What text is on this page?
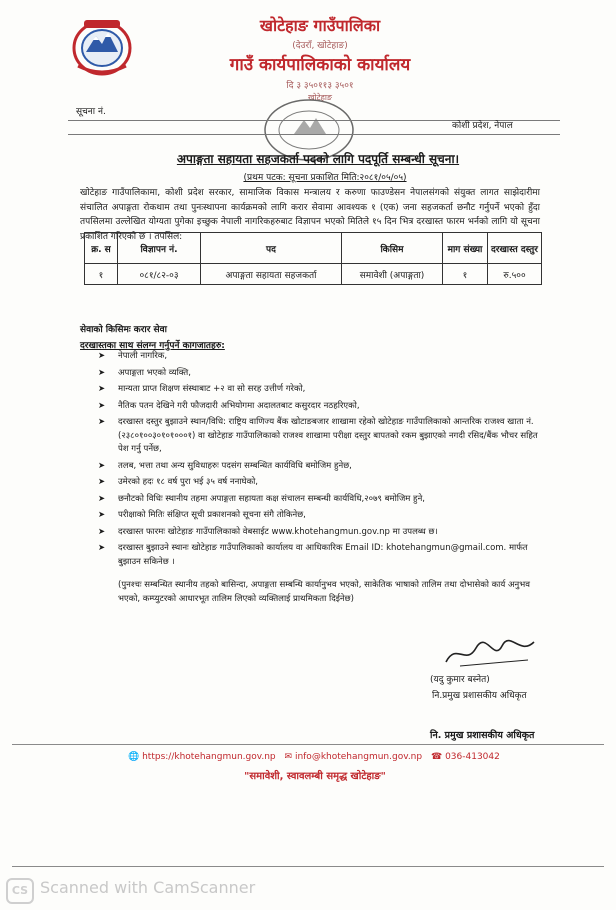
खोटेहाङ गाउँपालिका
(देउराँ, खोटेहाङ)
गाउँ कार्यपालिकाको कार्यालय
दि ३ ३५०११३ ३५०१
खोटेहाङ
सूचना नं.
कोशी प्रदेश, नेपाल
अपाङ्गता सहायता सहजकर्ता पदको लागि पदपूर्ति सम्बन्धी सूचना।
(प्रथम पटक: सूचना प्रकाशित मिति:२०८१/०५/०५)
खोटेहाङ गाउँपालिकामा, कोशी प्रदेश सरकार, सामाजिक विकास मन्त्रालय र करुणा फाउण्डेसन नेपालसंगको संयुक्त लागत साझेदारीमा संचालित अपाङ्गता रोकथाम तथा पुनःस्थापना कार्यक्रमको लागि करार सेवामा आवश्यक १ (एक) जना सहजकर्ता छनौट गर्नुपर्ने भएकाे हुँदा तपसिलमा उल्लेखित योग्यता पुगेका इच्छुक नेपाली नागरिकहरुबाट विज्ञापन भएको मितिले १५ दिन भित्र दरखास्त फारम भर्नको लागि यो सूचना प्रकाशित गरिएको छ । तपसिल:
क्र. स	विज्ञापन नं.	पद	किसिम	माग संख्या	दरखास्त दस्तुर
१	०८१/८२-०३	अपाङ्गता सहायता सहजकर्ता	समावेशी (अपाङ्गता)	१	रु.५००
सेवाको किसिमः करार सेवा
दरखास्तका साथ संलग्न गर्नुपर्ने कागजातहरु:
➤ नेपाली नागरिक,
➤ अपाङ्गता भएको व्यक्ति,
➤ मान्यता प्राप्त शिक्षण संस्थाबाट +२ वा सो सरह उत्तीर्ण गरेको,
➤ नैतिक पतन देखिने गरी फौजदारी अभियोगमा अदालतबाट कसुरदार नठहरिएको,
➤ दरखास्त दस्तुर बुझाउने स्थान/विधि: राष्ट्रिय वाणिज्य बैंक खोटाङबजार शाखामा रहेको खोटेहाङ गाउँपालिकाको आन्तरिक राजश्व खाता नं. (२३८०१००३०१०१०००१) वा खोटेहाङ गाउँपालिकाको राजश्व शाखामा परीक्षा दस्तुर बापतको रकम बुझाएको नगदी रसिद/बैंक भौचर सहित पेश गर्नु पर्नेछ,
➤ तलब, भत्ता तथा अन्य सुविधाहरुः पदसंग सम्बन्धित कार्यविधि बमोजिम हुनेछ,
➤ उमेरको हदः १८ वर्ष पुरा भई ३५ वर्ष ननाघेको,
➤ छनौटको विधिः स्थानीय तहमा अपाङ्गता सहायता कक्ष संचालन सम्बन्धी कार्यविधि,२०७९ बमोजिम हुने,
➤ परीक्षाको मितिः संक्षिप्त सूची प्रकाशनको सूचना संगै तोकिनेछ,
➤ दरखास्त फारमः खोटेहाङ गाउँपालिकाको वेबसाईट www.khotehangmun.gov.np मा उपलब्ध छ।
➤ दरखास्त बुझाउने स्थानः खोटेहाङ गाउँपालिकाको कार्यालय वा आधिकारिक Email ID: khotehangmun@gmail.com. मार्फत बुझाउन सकिनेछ ।
(पुनश्चः सम्बन्धित स्थानीय तहको बासिन्दा, अपाङ्गता सम्बन्धि कार्यानुभव भएको, साकेतिक भाषाको तालिम तथा दोभासेको कार्य अनुभव भएको, कम्प्युटरको आधारभूत तालिम लिएको व्यक्तिलाई प्राथमिकता दिईनेछ)
(यदु कुमार बस्नेत)
नि.प्रमुख प्रशासकीय अधिकृत
नि. प्रमुख प्रशासकीय अधिकृत
🌐 https://khotehangmun.gov.np ✉ info@khotehangmun.gov.np ☎ 036-413042
"समावेशी, स्वावलम्बी समृद्ध खोटेहाङ"
CS Scanned with CamScanner
